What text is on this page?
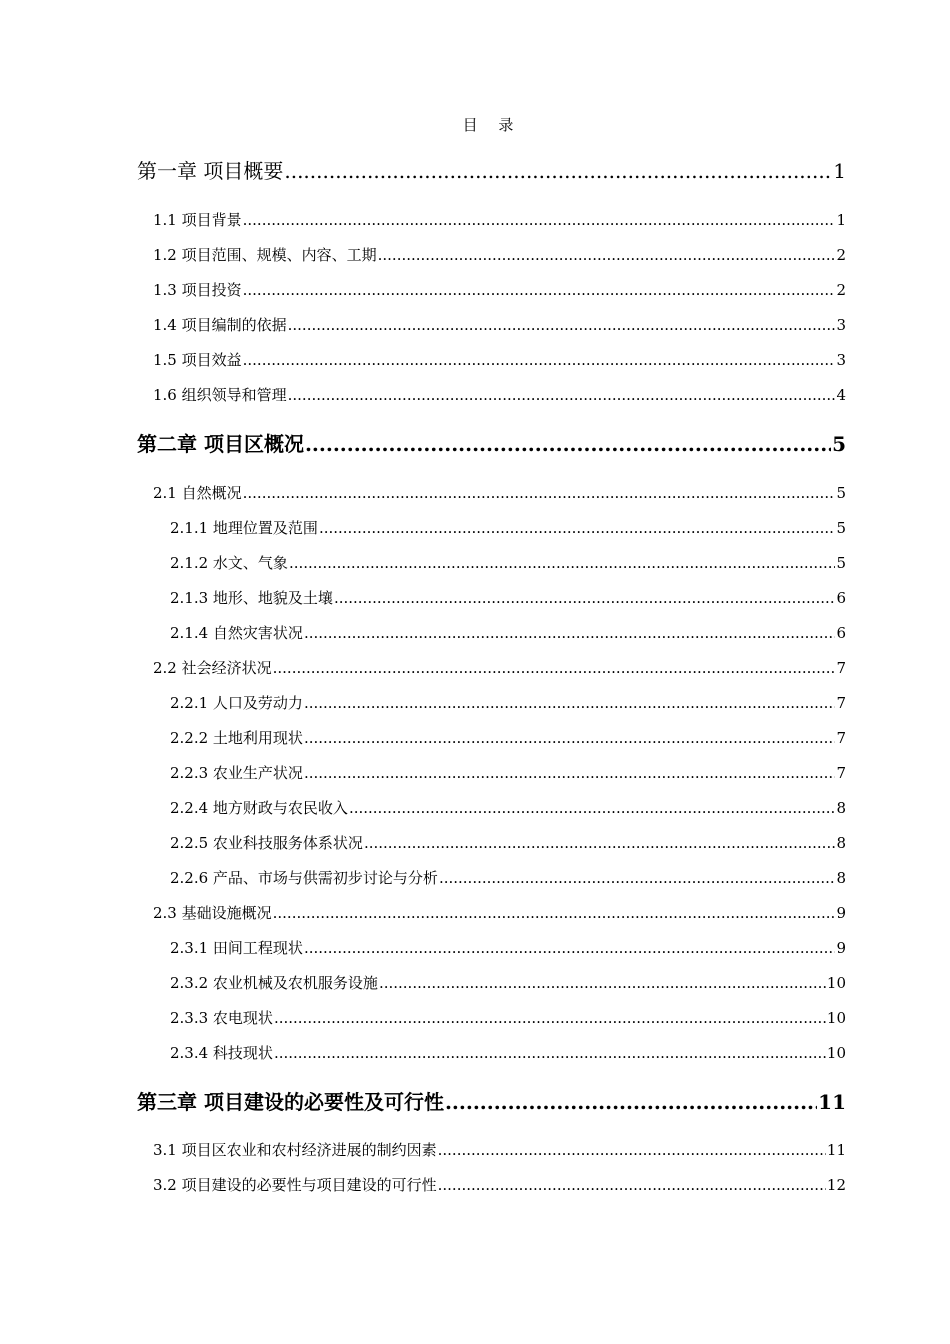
目 录
第一章 项目概要 .....	1
1.1 项目背景 .....	1
1.2 项目范围、规模、内容、工期 .....	2
1.3 项目投资 .....	2
1.4 项目编制的依据 .....	3
1.5 项目效益 .....	3
1.6 组织领导和管理 .....	4
第二章 项目区概况 .....	5
2.1 自然概况 .....	5
2.1.1 地理位置及范围 .....	5
2.1.2 水文、气象 .....	5
2.1.3 地形、地貌及土壤 .....	6
2.1.4 自然灾害状况 .....	6
2.2 社会经济状况 .....	7
2.2.1 人口及劳动力 .....	7
2.2.2 土地利用现状 .....	7
2.2.3 农业生产状况 .....	7
2.2.4 地方财政与农民收入 .....	8
2.2.5 农业科技服务体系状况 .....	8
2.2.6 产品、市场与供需初步讨论与分析 .....	8
2.3 基础设施概况 .....	9
2.3.1 田间工程现状 .....	9
2.3.2 农业机械及农机服务设施 .....	10
2.3.3 农电现状 .....	10
2.3.4 科技现状 .....	10
第三章 项目建设的必要性及可行性 .....	11
3.1 项目区农业和农村经济进展的制约因素 .....	11
3.2 项目建设的必要性与项目建设的可行性 .....	12
